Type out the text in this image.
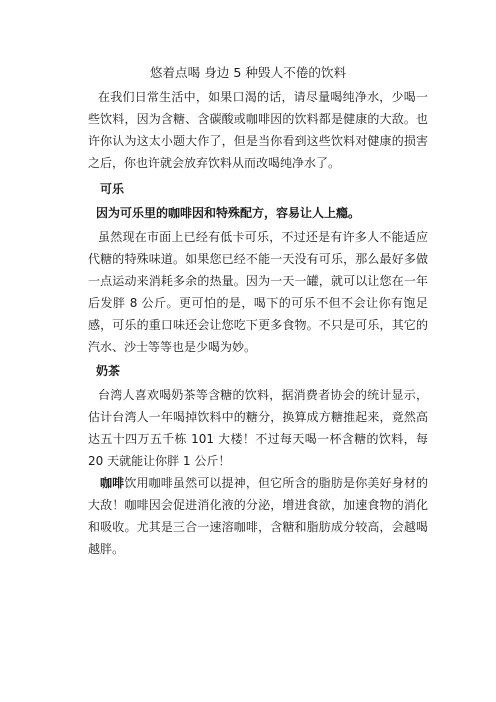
悠着点喝 身边 5 种毁人不倦的饮料

在我们日常生活中，如果口渴的话，请尽量喝纯净水，少喝一些饮料，因为含糖、含碳酸或咖啡因的饮料都是健康的大敌。也许你认为这太小题大作了，但是当你看到这些饮料对健康的损害之后，你也许就会放弃饮料从而改喝纯净水了。

可乐
因为可乐里的咖啡因和特殊配方，容易让人上瘾。

虽然现在市面上已经有低卡可乐，不过还是有许多人不能适应代糖的特殊味道。如果您已经不能一天没有可乐，那么最好多做一点运动来消耗多余的热量。因为一天一罐，就可以让您在一年后发胖 8 公斤。更可怕的是，喝下的可乐不但不会让你有饱足感，可乐的重口味还会让您吃下更多食物。不只是可乐，其它的汽水、沙士等等也是少喝为妙。

奶茶

台湾人喜欢喝奶茶等含糖的饮料，据消费者协会的统计显示，估计台湾人一年喝掉饮料中的糖分，换算成方糖推起来，竟然高达五十四万五千栋 101 大楼！不过每天喝一杯含糖的饮料，每 20 天就能让你胖 1 公斤！

咖啡饮用咖啡虽然可以提神，但它所含的脂肪是你美好身材的大敌！咖啡因会促进消化液的分泌，增进食欲，加速食物的消化和吸收。尤其是三合一速溶咖啡，含糖和脂肪成分较高，会越喝越胖。
